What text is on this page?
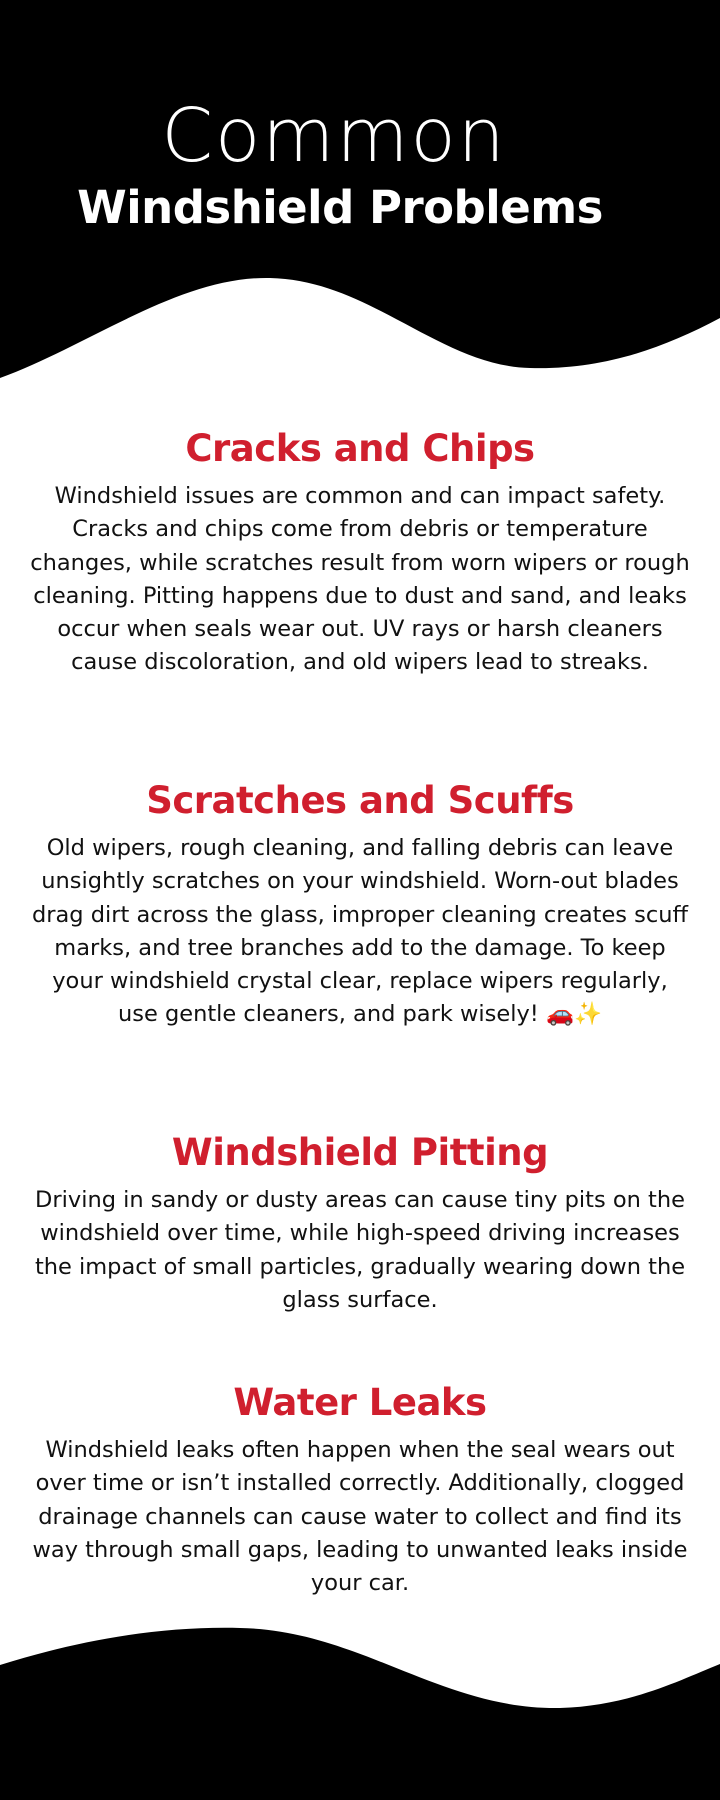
Common
Windshield Problems
Cracks and Chips

Windshield issues are common and can impact safety. Cracks and chips come from debris or temperature changes, while scratches result from worn wipers or rough cleaning. Pitting happens due to dust and sand, and leaks occur when seals wear out. UV rays or harsh cleaners cause discoloration, and old wipers lead to streaks.

Scratches and Scuffs

Old wipers, rough cleaning, and falling debris can leave unsightly scratches on your windshield. Worn-out blades drag dirt across the glass, improper cleaning creates scuff marks, and tree branches add to the damage. To keep your windshield crystal clear, replace wipers regularly, use gentle cleaners, and park wisely! 🚗✨

Windshield Pitting

Driving in sandy or dusty areas can cause tiny pits on the windshield over time, while high-speed driving increases the impact of small particles, gradually wearing down the glass surface.

Water Leaks

Windshield leaks often happen when the seal wears out over time or isn’t installed correctly. Additionally, clogged drainage channels can cause water to collect and find its way through small gaps, leading to unwanted leaks inside your car.
